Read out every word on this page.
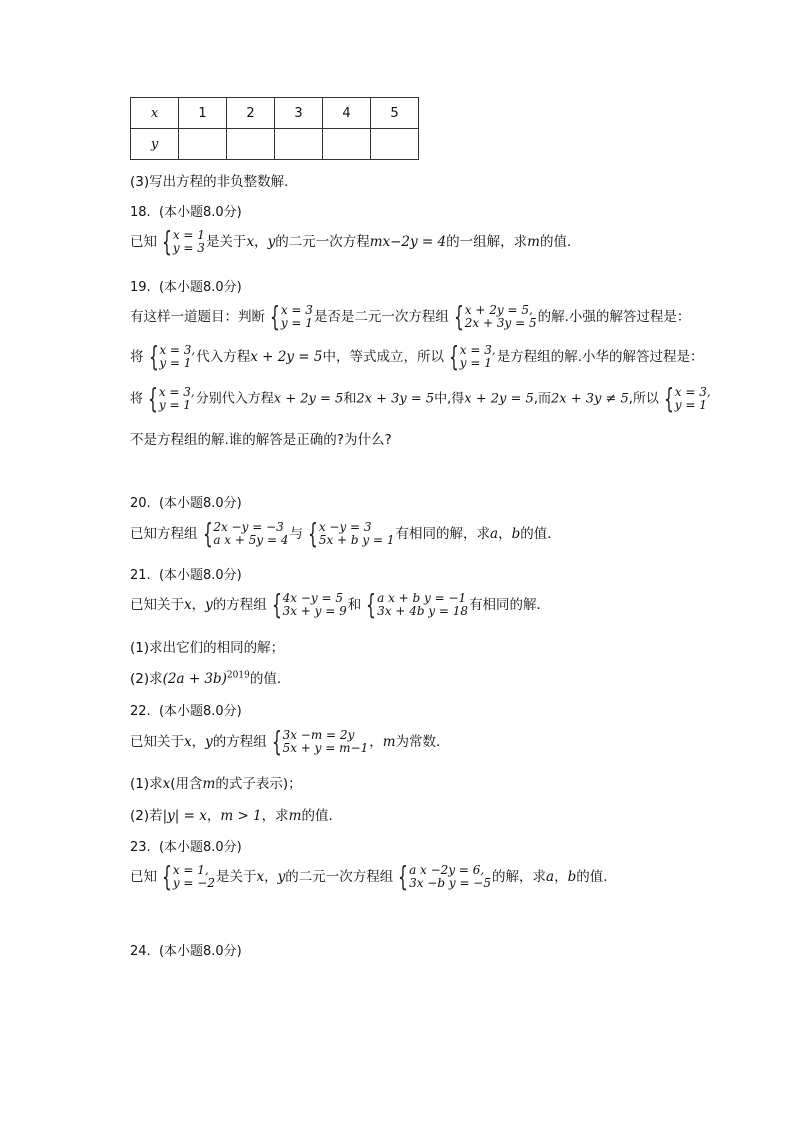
x	1	2	3	4	5
y					
(3)写出方程的非负整数解．
18.  (本小题8.0分)
已知 { x = 1
y = 3 是关于x，y的二元一次方程mx−2y = 4的一组解，求m的值．
19.  (本小题8.0分)
有这样一道题目：判断 { x = 3
y = 1 是否是二元一次方程组 { x + 2y = 5,
2x + 3y = 5 的解.小强的解答过程是：
将 { x = 3,
y = 1 代入方程x + 2y = 5中，等式成立，所以 { x = 3,
y = 1 是方程组的解.小华的解答过程是：
将 { x = 3,
y = 1 分别代入方程x + 2y = 5和2x + 3y = 5中,得x + 2y = 5,而2x + 3y ≠ 5,所以 { x = 3,
y = 1
不是方程组的解.谁的解答是正确的?为什么?
20.  (本小题8.0分)
已知方程组 { 2x −y = −3
a x + 5y = 4 与 { x −y = 3
5x + b y = 1 有相同的解，求a，b的值．
21.  (本小题8.0分)
已知关于x，y的方程组 { 4x −y = 5
3x + y = 9 和 { a x + b y = −1
3x + 4b y = 18 有相同的解．
(1)求出它们的相同的解；
(2)求$(2a + 3b)^{2019}$的值．
22.  (本小题8.0分)
已知关于x，y的方程组 { 3x −m = 2y
5x + y = m−1 ，m为常数．
(1)求x(用含m的式子表示)；
(2)若|y| = x，m > 1，求m的值．
23.  (本小题8.0分)
已知 { x = 1,
y = −2 是关于x，y的二元一次方程组 { a x −2y = 6,
3x −b y = −5 的解，求a，b的值．
24.  (本小题8.0分)
